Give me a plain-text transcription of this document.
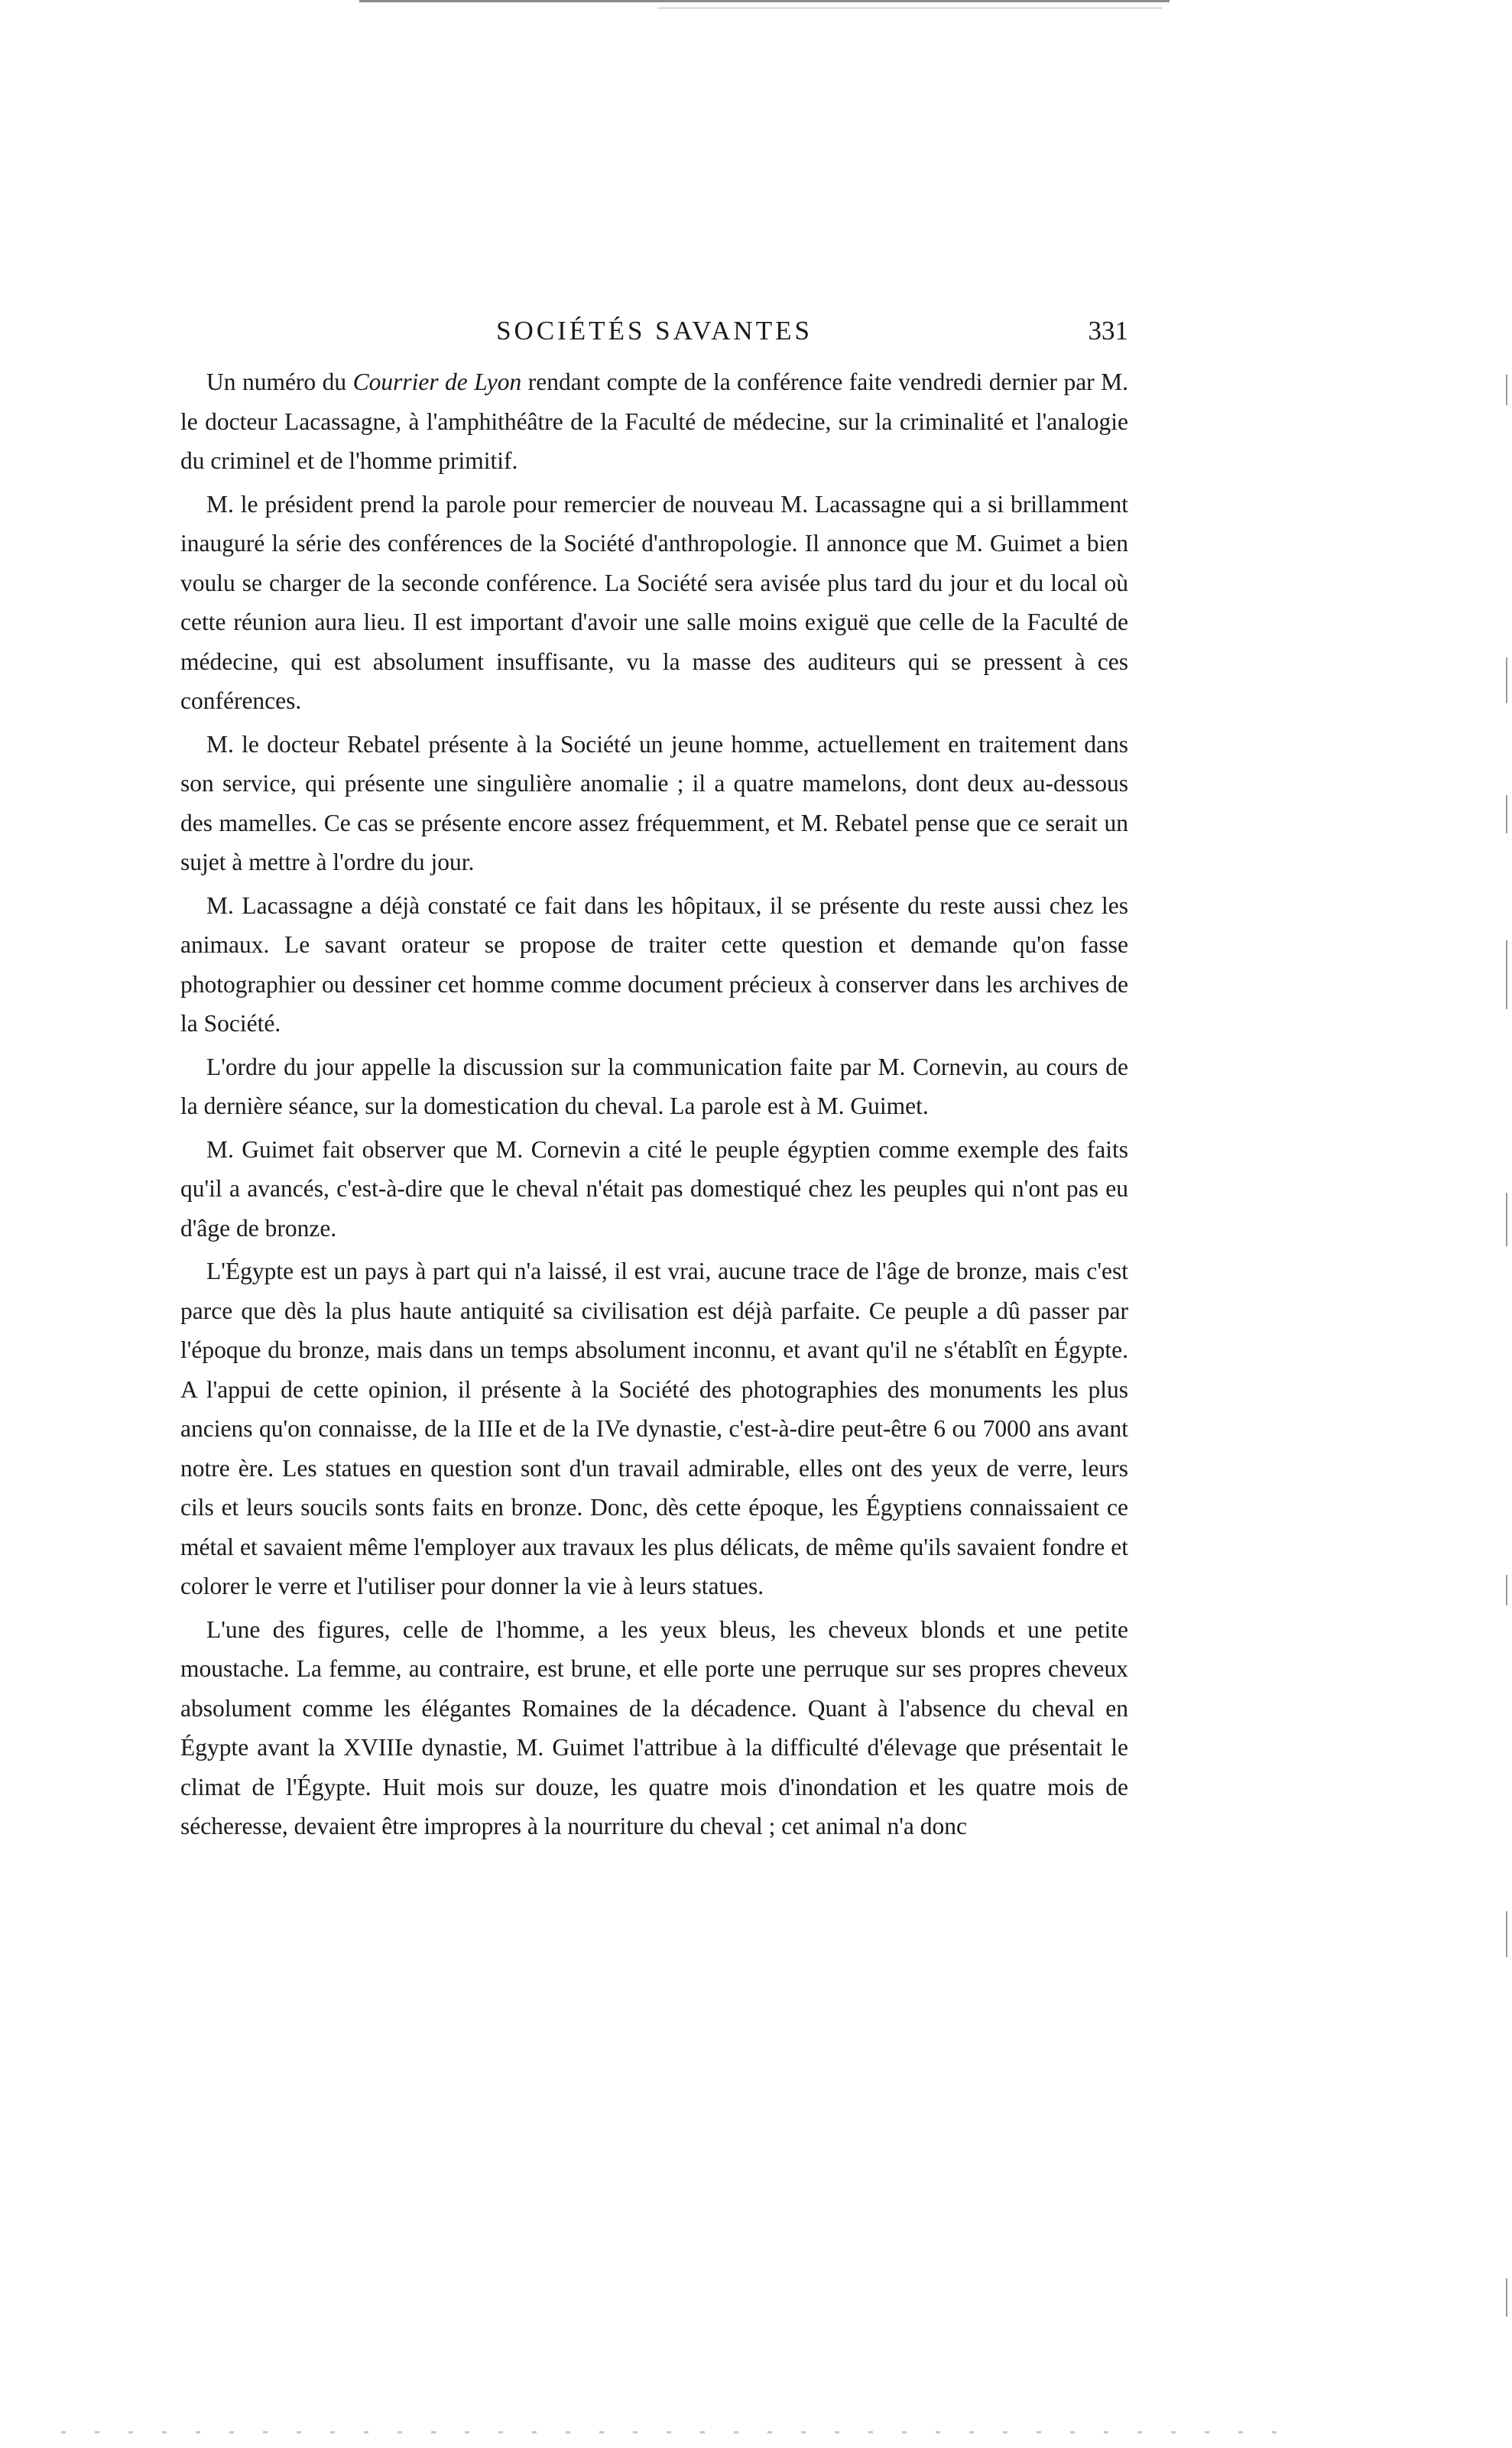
SOCIÉTÉS SAVANTES	331

Un numéro du Courrier de Lyon rendant compte de la conférence faite vendredi dernier par M. le docteur Lacassagne, à l'amphithéâtre de la Faculté de médecine, sur la criminalité et l'analogie du criminel et de l'homme primitif.

M. le président prend la parole pour remercier de nouveau M. Lacassagne qui a si brillamment inauguré la série des conférences de la Société d'anthropologie. Il annonce que M. Guimet a bien voulu se charger de la seconde conférence. La Société sera avisée plus tard du jour et du local où cette réunion aura lieu. Il est important d'avoir une salle moins exiguë que celle de la Faculté de médecine, qui est absolument insuffisante, vu la masse des auditeurs qui se pressent à ces conférences.

M. le docteur Rebatel présente à la Société un jeune homme, actuellement en traitement dans son service, qui présente une singulière anomalie ; il a quatre mamelons, dont deux au-dessous des mamelles. Ce cas se présente encore assez fréquemment, et M. Rebatel pense que ce serait un sujet à mettre à l'ordre du jour.

M. Lacassagne a déjà constaté ce fait dans les hôpitaux, il se présente du reste aussi chez les animaux. Le savant orateur se propose de traiter cette question et demande qu'on fasse photographier ou dessiner cet homme comme document précieux à conserver dans les archives de la Société.

L'ordre du jour appelle la discussion sur la communication faite par M. Cornevin, au cours de la dernière séance, sur la domestication du cheval. La parole est à M. Guimet.

M. Guimet fait observer que M. Cornevin a cité le peuple égyptien comme exemple des faits qu'il a avancés, c'est-à-dire que le cheval n'était pas domestiqué chez les peuples qui n'ont pas eu d'âge de bronze.

L'Égypte est un pays à part qui n'a laissé, il est vrai, aucune trace de l'âge de bronze, mais c'est parce que dès la plus haute antiquité sa civilisation est déjà parfaite. Ce peuple a dû passer par l'époque du bronze, mais dans un temps absolument inconnu, et avant qu'il ne s'établît en Égypte. A l'appui de cette opinion, il présente à la Société des photographies des monuments les plus anciens qu'on connaisse, de la IIIe et de la IVe dynastie, c'est-à-dire peut-être 6 ou 7000 ans avant notre ère. Les statues en question sont d'un travail admirable, elles ont des yeux de verre, leurs cils et leurs soucils sonts faits en bronze. Donc, dès cette époque, les Égyptiens connaissaient ce métal et savaient même l'employer aux travaux les plus délicats, de même qu'ils savaient fondre et colorer le verre et l'utiliser pour donner la vie à leurs statues.

L'une des figures, celle de l'homme, a les yeux bleus, les cheveux blonds et une petite moustache. La femme, au contraire, est brune, et elle porte une perruque sur ses propres cheveux absolument comme les élégantes Romaines de la décadence. Quant à l'absence du cheval en Égypte avant la XVIIIe dynastie, M. Guimet l'attribue à la difficulté d'élevage que présentait le climat de l'Égypte. Huit mois sur douze, les quatre mois d'inondation et les quatre mois de sécheresse, devaient être impropres à la nourriture du cheval ; cet animal n'a donc
